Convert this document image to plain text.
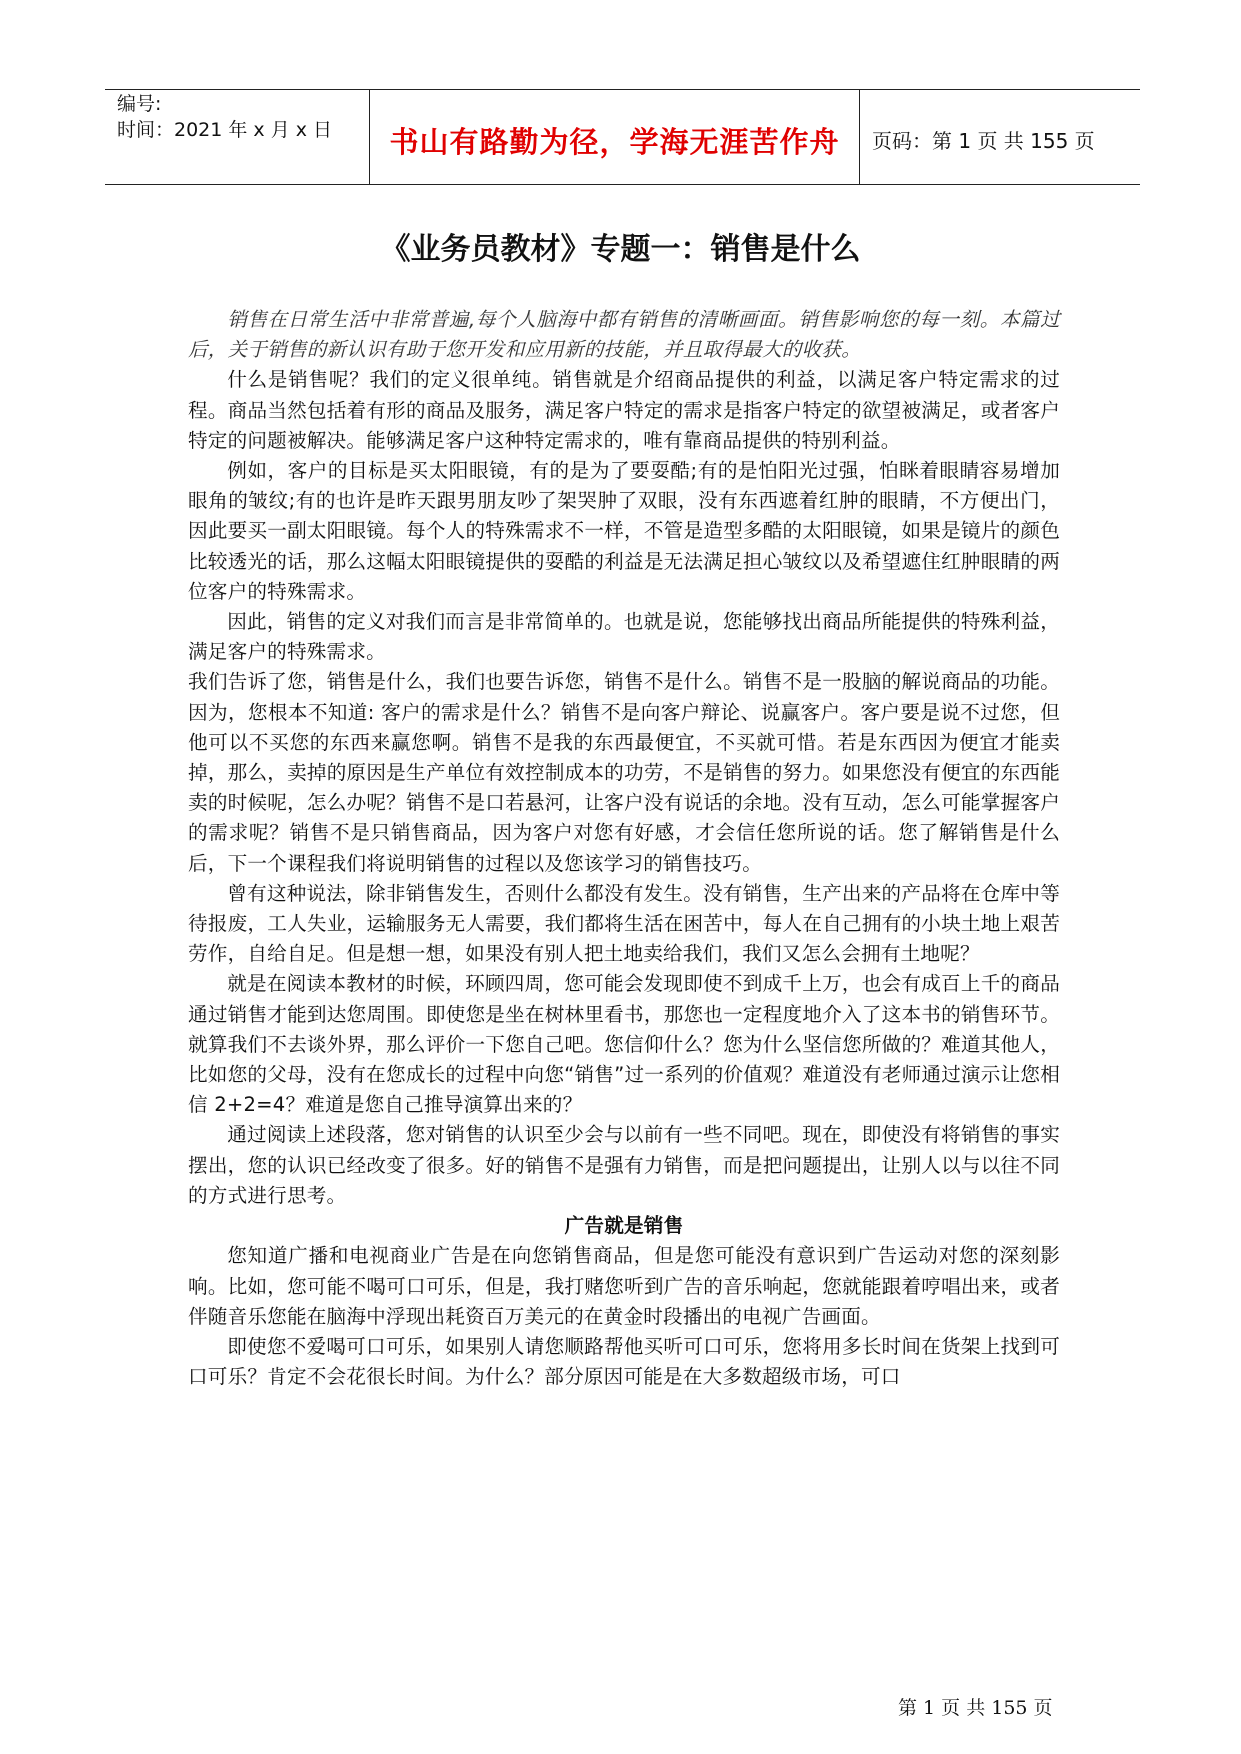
编号:
时间：2021 年 x 月 x 日	书山有路勤为径，学海无涯苦作舟	页码：第 1 页 共 155 页
《业务员教材》专题一：销售是什么

销售在日常生活中非常普遍,每个人脑海中都有销售的清晰画面。销售影响您的每一刻。本篇过后，关于销售的新认识有助于您开发和应用新的技能，并且取得最大的收获。

什么是销售呢？我们的定义很单纯。销售就是介绍商品提供的利益，以满足客户特定需求的过程。商品当然包括着有形的商品及服务，满足客户特定的需求是指客户特定的欲望被满足，或者客户特定的问题被解决。能够满足客户这种特定需求的，唯有靠商品提供的特别利益。

例如，客户的目标是买太阳眼镜，有的是为了要耍酷;有的是怕阳光过强，怕眯着眼睛容易增加眼角的皱纹;有的也许是昨天跟男朋友吵了架哭肿了双眼，没有东西遮着红肿的眼睛，不方便出门，因此要买一副太阳眼镜。每个人的特殊需求不一样，不管是造型多酷的太阳眼镜，如果是镜片的颜色比较透光的话，那么这幅太阳眼镜提供的耍酷的利益是无法满足担心皱纹以及希望遮住红肿眼睛的两位客户的特殊需求。

因此，销售的定义对我们而言是非常简单的。也就是说，您能够找出商品所能提供的特殊利益，满足客户的特殊需求。

我们告诉了您，销售是什么，我们也要告诉您，销售不是什么。销售不是一股脑的解说商品的功能。因为，您根本不知道: 客户的需求是什么？销售不是向客户辩论、说赢客户。客户要是说不过您，但他可以不买您的东西来赢您啊。销售不是我的东西最便宜，不买就可惜。若是东西因为便宜才能卖掉，那么，卖掉的原因是生产单位有效控制成本的功劳，不是销售的努力。如果您没有便宜的东西能卖的时候呢，怎么办呢？销售不是口若悬河，让客户没有说话的余地。没有互动，怎么可能掌握客户的需求呢？销售不是只销售商品，因为客户对您有好感，才会信任您所说的话。您了解销售是什么后，下一个课程我们将说明销售的过程以及您该学习的销售技巧。

曾有这种说法，除非销售发生，否则什么都没有发生。没有销售，生产出来的产品将在仓库中等待报废，工人失业，运输服务无人需要，我们都将生活在困苦中，每人在自己拥有的小块土地上艰苦劳作，自给自足。但是想一想，如果没有别人把土地卖给我们，我们又怎么会拥有土地呢？

就是在阅读本教材的时候，环顾四周，您可能会发现即使不到成千上万，也会有成百上千的商品通过销售才能到达您周围。即使您是坐在树林里看书，那您也一定程度地介入了这本书的销售环节。就算我们不去谈外界，那么评价一下您自己吧。您信仰什么？您为什么坚信您所做的？难道其他人，比如您的父母，没有在您成长的过程中向您“销售”过一系列的价值观？难道没有老师通过演示让您相信 2+2=4？难道是您自己推导演算出来的？

通过阅读上述段落，您对销售的认识至少会与以前有一些不同吧。现在，即使没有将销售的事实摆出，您的认识已经改变了很多。好的销售不是强有力销售，而是把问题提出，让别人以与以往不同的方式进行思考。

广告就是销售

您知道广播和电视商业广告是在向您销售商品，但是您可能没有意识到广告运动对您的深刻影响。比如，您可能不喝可口可乐，但是，我打赌您听到广告的音乐响起，您就能跟着哼唱出来，或者伴随音乐您能在脑海中浮现出耗资百万美元的在黄金时段播出的电视广告画面。

即使您不爱喝可口可乐，如果别人请您顺路帮他买听可口可乐，您将用多长时间在货架上找到可口可乐？肯定不会花很长时间。为什么？部分原因可能是在大多数超级市场，可口

第 1 页 共 155 页
